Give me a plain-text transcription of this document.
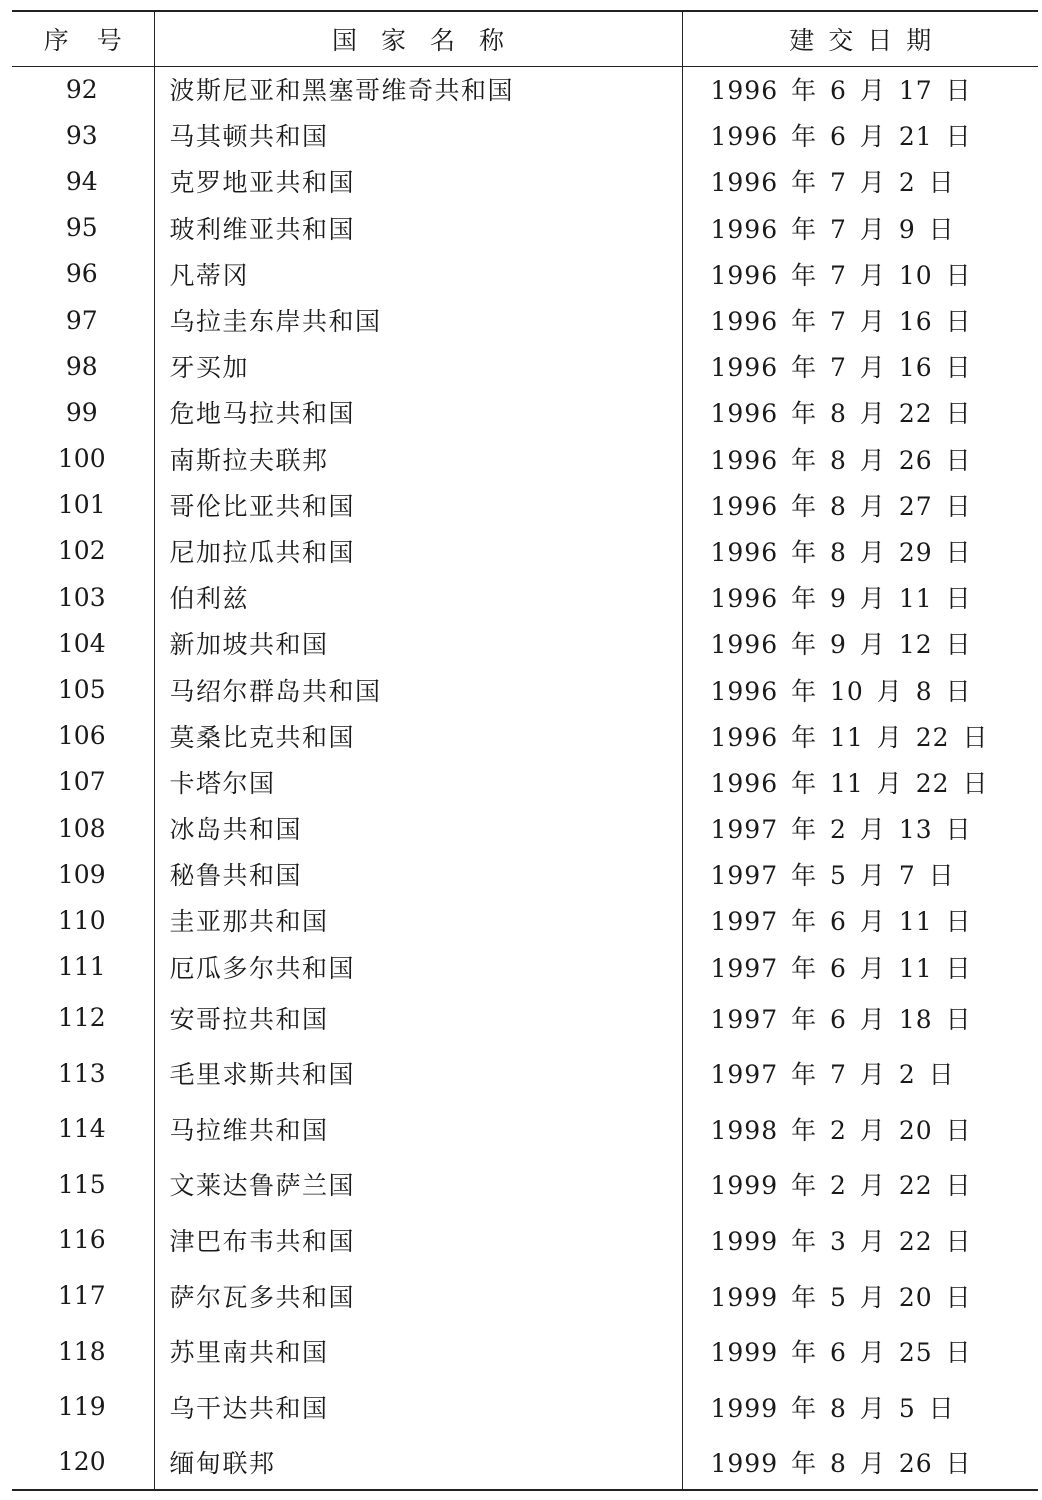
序号	国家名称	建交日期
92	波斯尼亚和黑塞哥维奇共和国	1996 年 6 月 17 日
93	马其顿共和国	1996 年 6 月 21 日
94	克罗地亚共和国	1996 年 7 月 2 日
95	玻利维亚共和国	1996 年 7 月 9 日
96	凡蒂冈	1996 年 7 月 10 日
97	乌拉圭东岸共和国	1996 年 7 月 16 日
98	牙买加	1996 年 7 月 16 日
99	危地马拉共和国	1996 年 8 月 22 日
100	南斯拉夫联邦	1996 年 8 月 26 日
101	哥伦比亚共和国	1996 年 8 月 27 日
102	尼加拉瓜共和国	1996 年 8 月 29 日
103	伯利兹	1996 年 9 月 11 日
104	新加坡共和国	1996 年 9 月 12 日
105	马绍尔群岛共和国	1996 年 10 月 8 日
106	莫桑比克共和国	1996 年 11 月 22 日
107	卡塔尔国	1996 年 11 月 22 日
108	冰岛共和国	1997 年 2 月 13 日
109	秘鲁共和国	1997 年 5 月 7 日
110	圭亚那共和国	1997 年 6 月 11 日
111	厄瓜多尔共和国	1997 年 6 月 11 日
112	安哥拉共和国	1997 年 6 月 18 日
113	毛里求斯共和国	1997 年 7 月 2 日
114	马拉维共和国	1998 年 2 月 20 日
115	文莱达鲁萨兰国	1999 年 2 月 22 日
116	津巴布韦共和国	1999 年 3 月 22 日
117	萨尔瓦多共和国	1999 年 5 月 20 日
118	苏里南共和国	1999 年 6 月 25 日
119	乌干达共和国	1999 年 8 月 5 日
120	缅甸联邦	1999 年 8 月 26 日
